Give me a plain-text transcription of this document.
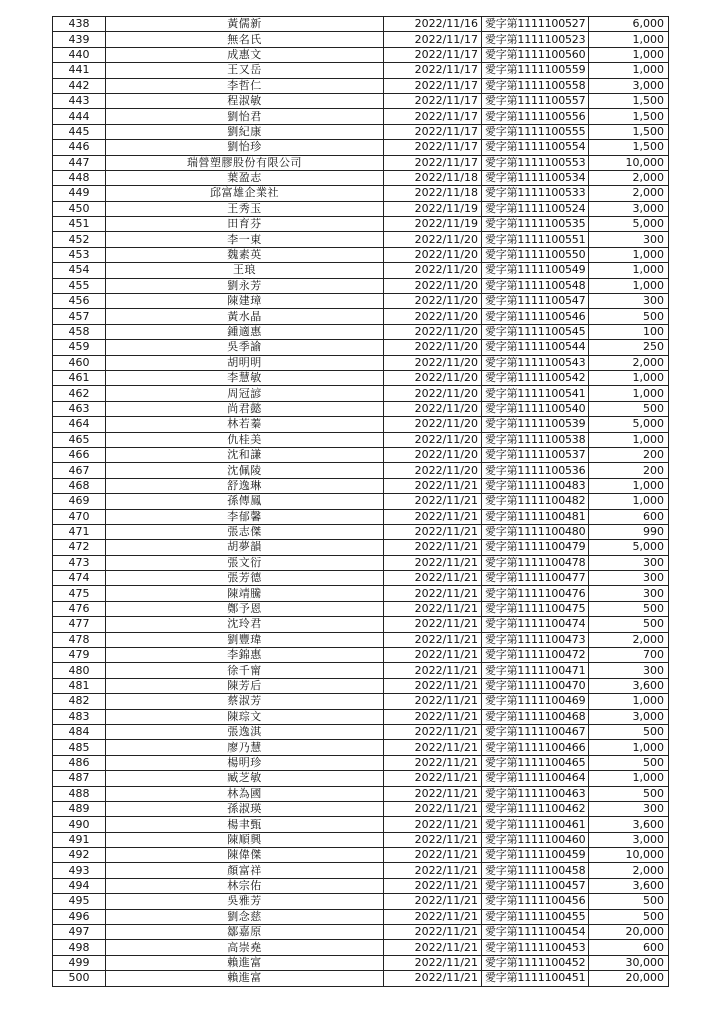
438	黃儒新	2022/11/16	愛字第1111100527	6,000
439	無名氏	2022/11/17	愛字第1111100523	1,000
440	成惠文	2022/11/17	愛字第1111100560	1,000
441	王又岳	2022/11/17	愛字第1111100559	1,000
442	李哲仁	2022/11/17	愛字第1111100558	3,000
443	程淑敏	2022/11/17	愛字第1111100557	1,500
444	劉怡君	2022/11/17	愛字第1111100556	1,500
445	劉紀康	2022/11/17	愛字第1111100555	1,500
446	劉怡珍	2022/11/17	愛字第1111100554	1,500
447	瑞營塑膠股份有限公司	2022/11/17	愛字第1111100553	10,000
448	葉盈志	2022/11/18	愛字第1111100534	2,000
449	邱富雄企業社	2022/11/18	愛字第1111100533	2,000
450	王秀玉	2022/11/19	愛字第1111100524	3,000
451	田育芬	2022/11/19	愛字第1111100535	5,000
452	李一東	2022/11/20	愛字第1111100551	300
453	魏素英	2022/11/20	愛字第1111100550	1,000
454	王琅	2022/11/20	愛字第1111100549	1,000
455	劉永芳	2022/11/20	愛字第1111100548	1,000
456	陳建璋	2022/11/20	愛字第1111100547	300
457	黃水晶	2022/11/20	愛字第1111100546	500
458	鍾適惠	2022/11/20	愛字第1111100545	100
459	吳季諭	2022/11/20	愛字第1111100544	250
460	胡明明	2022/11/20	愛字第1111100543	2,000
461	李慧敏	2022/11/20	愛字第1111100542	1,000
462	周冠諺	2022/11/20	愛字第1111100541	1,000
463	尚君懿	2022/11/20	愛字第1111100540	500
464	林若蓁	2022/11/20	愛字第1111100539	5,000
465	仇桂美	2022/11/20	愛字第1111100538	1,000
466	沈和謙	2022/11/20	愛字第1111100537	200
467	沈佩陵	2022/11/20	愛字第1111100536	200
468	舒逸琳	2022/11/21	愛字第1111100483	1,000
469	孫傳鳳	2022/11/21	愛字第1111100482	1,000
470	李郁馨	2022/11/21	愛字第1111100481	600
471	張志傑	2022/11/21	愛字第1111100480	990
472	胡夢韻	2022/11/21	愛字第1111100479	5,000
473	張文衍	2022/11/21	愛字第1111100478	300
474	張芳德	2022/11/21	愛字第1111100477	300
475	陳靖騰	2022/11/21	愛字第1111100476	300
476	鄭予恩	2022/11/21	愛字第1111100475	500
477	沈玲君	2022/11/21	愛字第1111100474	500
478	劉豐瑋	2022/11/21	愛字第1111100473	2,000
479	李錦惠	2022/11/21	愛字第1111100472	700
480	徐千甯	2022/11/21	愛字第1111100471	300
481	陳芳后	2022/11/21	愛字第1111100470	3,600
482	蔡淑芳	2022/11/21	愛字第1111100469	1,000
483	陳琮文	2022/11/21	愛字第1111100468	3,000
484	張逸淇	2022/11/21	愛字第1111100467	500
485	廖乃慧	2022/11/21	愛字第1111100466	1,000
486	楊明珍	2022/11/21	愛字第1111100465	500
487	臧芝敏	2022/11/21	愛字第1111100464	1,000
488	林為國	2022/11/21	愛字第1111100463	500
489	孫淑瑛	2022/11/21	愛字第1111100462	300
490	楊聿甄	2022/11/21	愛字第1111100461	3,600
491	陳順興	2022/11/21	愛字第1111100460	3,000
492	陳偉傑	2022/11/21	愛字第1111100459	10,000
493	顏富祥	2022/11/21	愛字第1111100458	2,000
494	林宗佑	2022/11/21	愛字第1111100457	3,600
495	吳雅芳	2022/11/21	愛字第1111100456	500
496	劉念慈	2022/11/21	愛字第1111100455	500
497	鄒嘉原	2022/11/21	愛字第1111100454	20,000
498	高崇堯	2022/11/21	愛字第1111100453	600
499	賴進富	2022/11/21	愛字第1111100452	30,000
500	賴進富	2022/11/21	愛字第1111100451	20,000
